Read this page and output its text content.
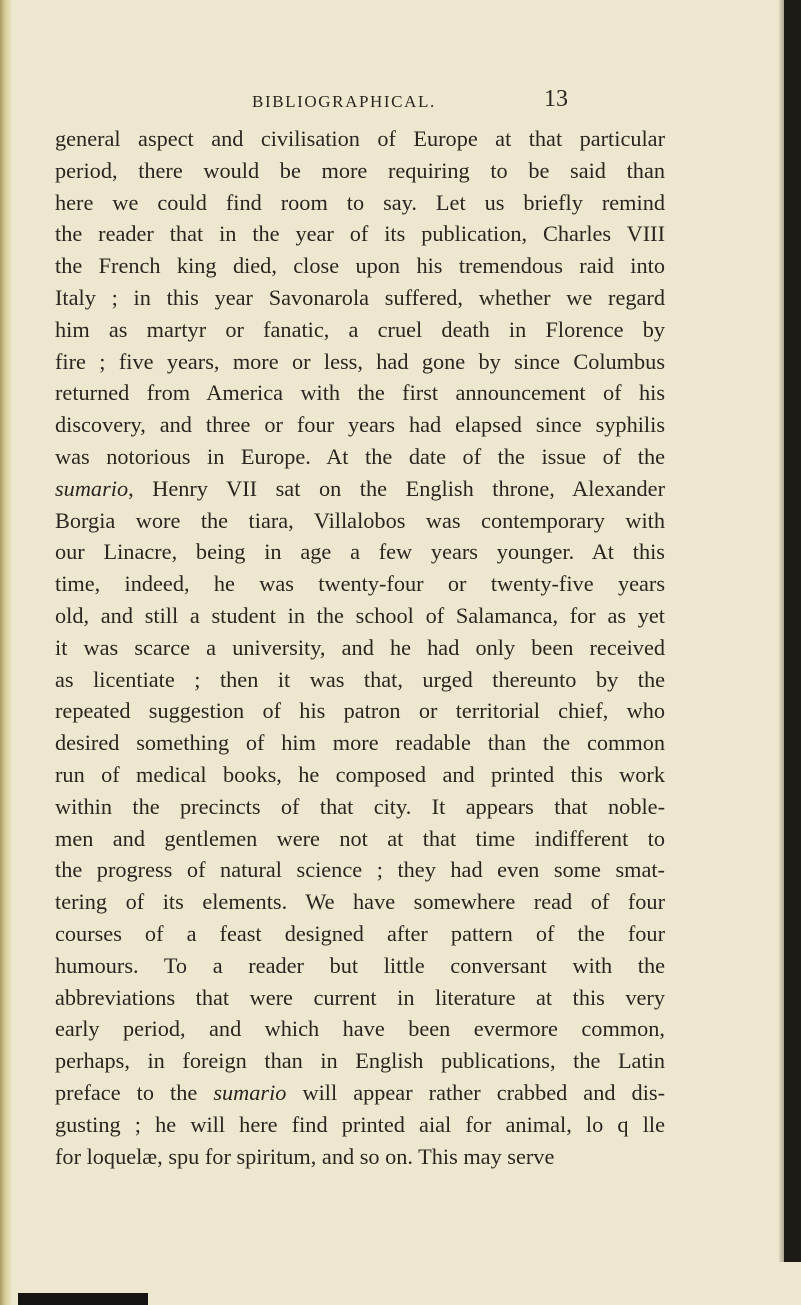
BIBLIOGRAPHICAL.	13
general aspect and civilisation of Europe at that particular
period, there would be more requiring to be said than
here we could find room to say. Let us briefly remind
the reader that in the year of its publication, Charles VIII
the French king died, close upon his tremendous raid into
Italy ; in this year Savonarola suffered, whether we regard
him as martyr or fanatic, a cruel death in Florence by
fire ; five years, more or less, had gone by since Columbus
returned from America with the first announcement of his
discovery, and three or four years had elapsed since syphilis
was notorious in Europe. At the date of the issue of the
sumario, Henry VII sat on the English throne, Alexander
Borgia wore the tiara, Villalobos was contemporary with
our Linacre, being in age a few years younger. At this
time, indeed, he was twenty-four or twenty-five years
old, and still a student in the school of Salamanca, for as yet
it was scarce a university, and he had only been received
as licentiate ; then it was that, urged thereunto by the
repeated suggestion of his patron or territorial chief, who
desired something of him more readable than the common
run of medical books, he composed and printed this work
within the precincts of that city. It appears that noble-
men and gentlemen were not at that time indifferent to
the progress of natural science ; they had even some smat-
tering of its elements. We have somewhere read of four
courses of a feast designed after pattern of the four
humours. To a reader but little conversant with the
abbreviations that were current in literature at this very
early period, and which have been evermore common,
perhaps, in foreign than in English publications, the Latin
preface to the sumario will appear rather crabbed and dis-
gusting ; he will here find printed aial for animal, lo q lle
for loquelæ, spu for spiritum, and so on. This may serve
